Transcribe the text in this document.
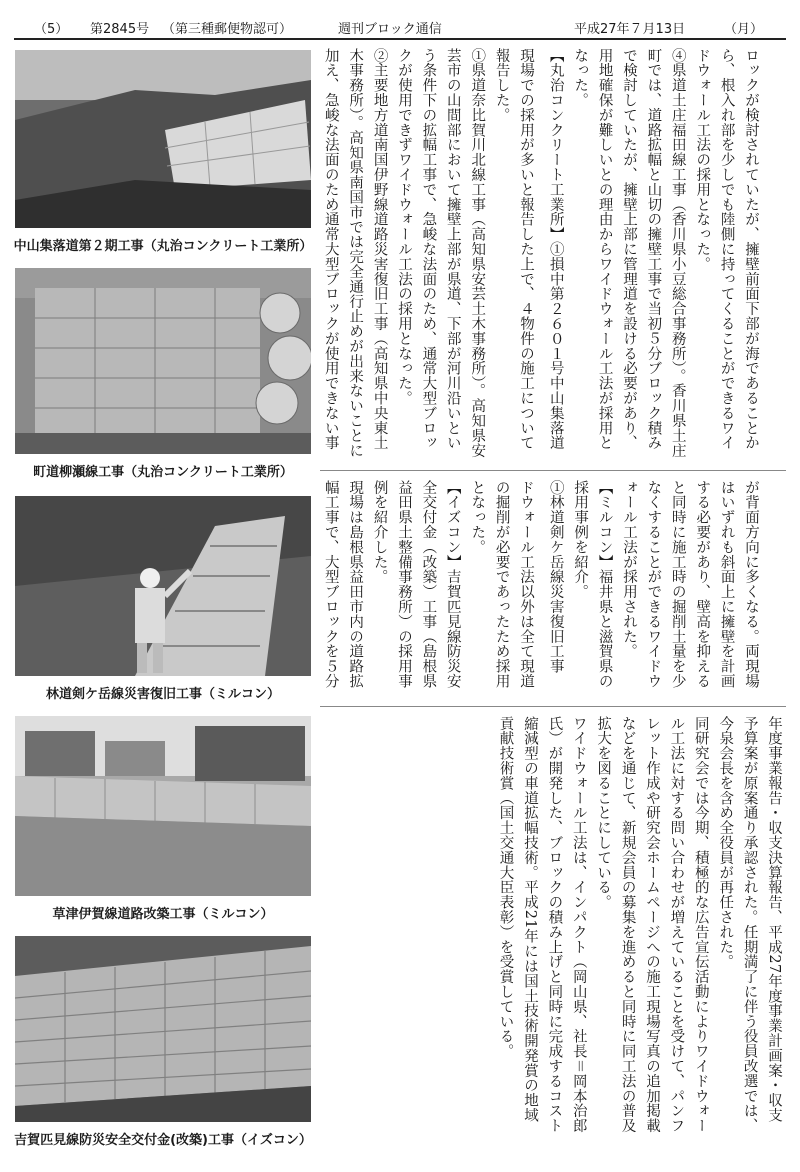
（5） 第2845号 （第三種郵便物認可）	週刊ブロック通信	平成27年７月13日	（月）
中山集落道第２期工事（丸治コンクリート工業所）
町道柳瀬線工事（丸治コンクリート工業所）
林道剣ケ岳線災害復旧工事（ミルコン）
草津伊賀線道路改築工事（ミルコン）
吉賀匹見線防災安全交付金(改築)工事（イズコン）

現場での採用が多いと報告した上で、４物件の施工について報告した。

①県道奈比賀川北線工事（高知県安芸土木事務所）。高知県安芸市の山間部において擁壁上部が県道、下部が河川沿いという条件下の拡幅工事で、急峻な法面のため、通常大型ブロックが使用できずワイドウォール工法の採用となった。

②主要地方道南国伊野線道路災害復旧工事（高知県中央東土木事務所）。高知県南国市では完全通行止めが出来ないことに加え、急峻な法面のため通常大型ブロックが使用できない事	ロックが検討されていたが、擁壁前面下部が海であることから、根入れ部を少しでも陸側に持ってくることができるワイドウォール工法の採用となった。

④県道土庄福田線工事（香川県小豆総合事務所）。香川県土庄町では、道路拡幅と山切の擁壁工事で当初５分ブロック積みで検討していたが、擁壁上部に管理道を設ける必要があり、用地確保が難しいとの理由からワイドウォール工法が採用となった。

【丸治コンクリート工業所】①損中第２６０１号中山集落道

ドウォール工法以外は全て現道の掘削が必要であったため採用となった。

【イズコン】吉賀匹見線防災安全交付金（改築）工事（島根県益田県土整備事務所）の採用事例を紹介した。

現場は島根県益田市内の道路拡幅工事で、大型ブロックを５分	が背面方向に多くなる。両現場はいずれも斜面上に擁壁を計画する必要があり、壁高を抑えると同時に施工時の掘削土量を少なくすることができるワイドウォール工法が採用された。

【ミルコン】福井県と滋賀県の採用事例を紹介。

①林道剣ケ岳線災害復旧工事

年度事業報告・収支決算報告、平成27年度事業計画案・収支予算案が原案通り承認された。任期満了に伴う役員改選では、今泉会長を含め全役員が再任された。

同研究会では今期、積極的な広告宣伝活動によりワイドウォール工法に対する問い合わせが増えていることを受けて、パンフレット作成や研究会ホームページへの施工現場写真の追加掲載などを通じて、新規会員の募集を進めると同時に同工法の普及拡大を図ることにしている。

ワイドウォール工法は、インパクト（岡山県、社長＝岡本治郎氏）が開発した、ブロックの積み上げと同時に完成するコスト縮減型の車道拡幅技術。平成21年には国土技術開発賞の地域貢献技術賞（国土交通大臣表彰）を受賞している。
